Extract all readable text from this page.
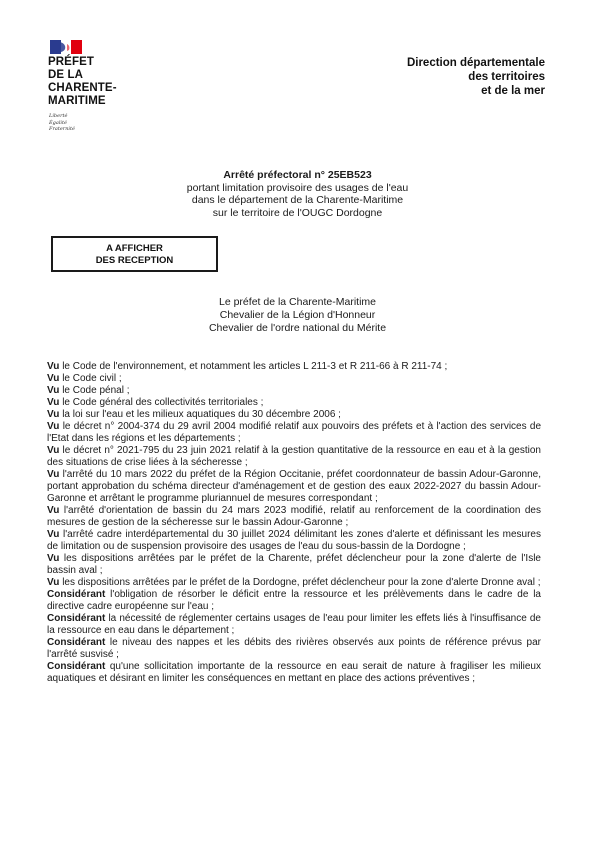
PRÉFET
DE LA
CHARENTE-
MARITIME
Liberté
Égalité
Fraternité
Direction départementale
des territoires
et de la mer
Arrêté préfectoral n° 25EB523
portant limitation provisoire des usages de l'eau
dans le département de la Charente-Maritime
sur le territoire de l'OUGC Dordogne
A AFFICHER
DES RECEPTION
Le préfet de la Charente-Maritime
Chevalier de la Légion d'Honneur
Chevalier de l'ordre national du Mérite

Vu le Code de l'environnement, et notamment les articles L 211-3 et R 211-66 à R 211-74 ;

Vu le Code civil ;

Vu le Code pénal ;

Vu le Code général des collectivités territoriales ;

Vu la loi sur l'eau et les milieux aquatiques du 30 décembre 2006 ;

Vu le décret n° 2004-374 du 29 avril 2004 modifié relatif aux pouvoirs des préfets et à l'action des services de l'Etat dans les régions et les départements ;

Vu le décret n° 2021-795 du 23 juin 2021 relatif à la gestion quantitative de la ressource en eau et à la gestion des situations de crise liées à la sécheresse ;

Vu l'arrêté du 10 mars 2022 du préfet de la Région Occitanie, préfet coordonnateur de bassin Adour-Garonne, portant approbation du schéma directeur d'aménagement et de gestion des eaux 2022-2027 du bassin Adour-Garonne et arrêtant le programme pluriannuel de mesures correspondant ;

Vu l'arrêté d'orientation de bassin du 24 mars 2023 modifié, relatif au renforcement de la coordination des mesures de gestion de la sécheresse sur le bassin Adour-Garonne ;

Vu l'arrêté cadre interdépartemental du 30 juillet 2024 délimitant les zones d'alerte et définissant les mesures de limitation ou de suspension provisoire des usages de l'eau du sous-bassin de la Dordogne ;

Vu les dispositions arrêtées par le préfet de la Charente, préfet déclencheur pour la zone d'alerte de l'Isle bassin aval ;

Vu les dispositions arrêtées par le préfet de la Dordogne, préfet déclencheur pour la zone d'alerte Dronne aval ;

Considérant l'obligation de résorber le déficit entre la ressource et les prélèvements dans le cadre de la directive cadre européenne sur l'eau ;

Considérant la nécessité de réglementer certains usages de l'eau pour limiter les effets liés à l'insuffisance de la ressource en eau dans le département ;

Considérant le niveau des nappes et les débits des rivières observés aux points de référence prévus par l'arrêté susvisé ;

Considérant qu'une sollicitation importante de la ressource en eau serait de nature à fragiliser les milieux aquatiques et désirant en limiter les conséquences en mettant en place des actions préventives ;
